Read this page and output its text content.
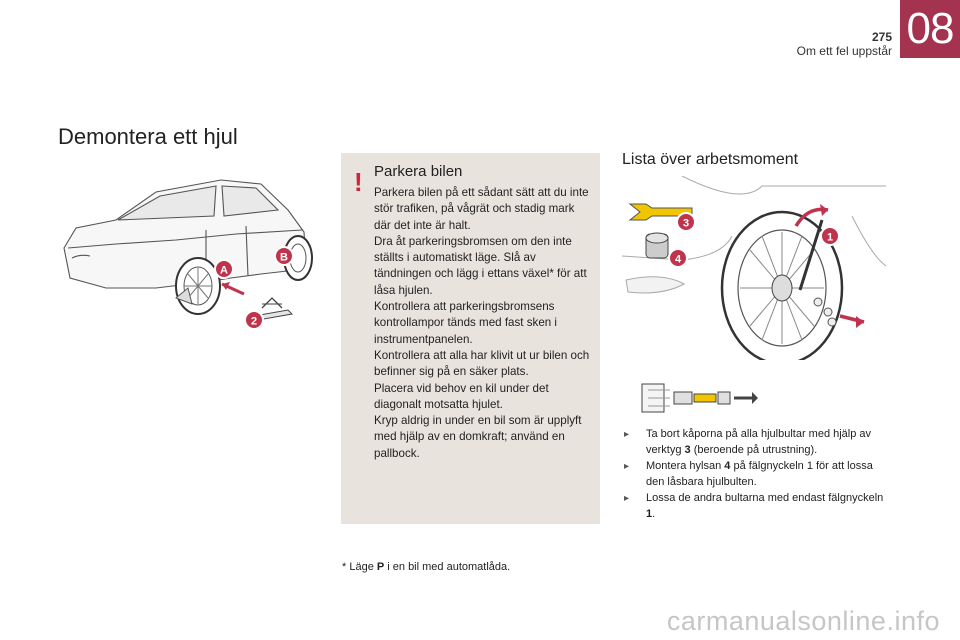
275
Om ett fel uppstår 08
Demontera ett hjul
A
B
2
! Parkera bilen

Parkera bilen på ett sådant sätt att du inte stör trafiken, på vågrät och stadig mark där det inte är halt.

Dra åt parkeringsbromsen om den inte ställts i automatiskt läge. Slå av tändningen och lägg i ettans växel* för att låsa hjulen.

Kontrollera att parkeringsbromsens kontrollampor tänds med fast sken i instrumentpanelen.

Kontrollera att alla har klivit ut ur bilen och befinner sig på en säker plats.

Placera vid behov en kil under det diagonalt motsatta hjulet.

Kryp aldrig in under en bil som är upplyft med hjälp av en domkraft; använd en pallbock.

* Läge P i en bil med automatlåda.
Lista över arbetsmoment
1
3
4
▸ Ta bort kåporna på alla hjulbultar med hjälp av verktyg 3 (beroende på utrustning).
▸ Montera hylsan 4 på fälgnyckeln 1 för att lossa den låsbara hjulbulten.
▸ Lossa de andra bultarna med endast fälgnyckeln 1.
carmanualsonline.info
